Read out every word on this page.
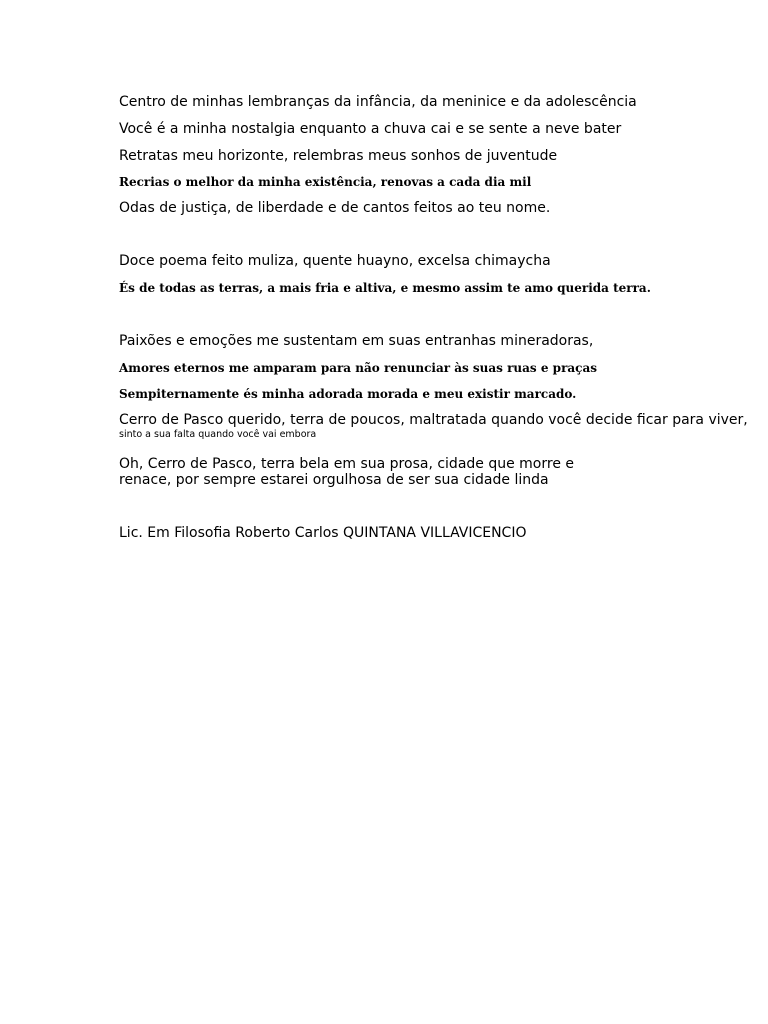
Centro de minhas lembranças da infância, da meninice e da adolescência

Você é a minha nostalgia enquanto a chuva cai e se sente a neve bater

Retratas meu horizonte, relembras meus sonhos de juventude

Recrias o melhor da minha existência, renovas a cada dia mil

Odas de justiça, de liberdade e de cantos feitos ao teu nome.

Doce poema feito muliza, quente huayno, excelsa chimaycha

És de todas as terras, a mais fria e altiva, e mesmo assim te amo querida terra.

Paixões e emoções me sustentam em suas entranhas mineradoras,

Amores eternos me amparam para não renunciar às suas ruas e praças

Sempiternamente és minha adorada morada e meu existir marcado.

Cerro de Pasco querido, terra de poucos, maltratada quando você decide ficar para viver,

sinto a sua falta quando você vai embora

Oh, Cerro de Pasco, terra bela em sua prosa, cidade que morre e

renace, por sempre estarei orgulhosa de ser sua cidade linda

Lic. Em Filosofia Roberto Carlos QUINTANA VILLAVICENCIO
